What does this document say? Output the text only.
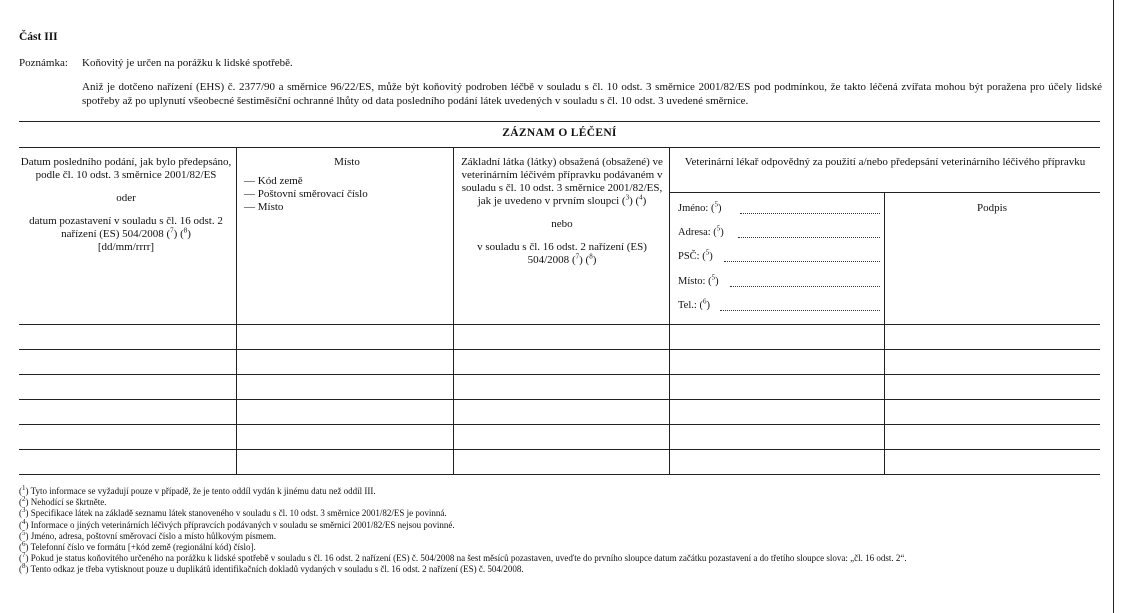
Část III
Poznámka: Koňovitý je určen na porážku k lidské spotřebě.
Aniž je dotčeno nařízení (EHS) č. 2377/90 a směrnice 96/22/ES, může být koňovitý podroben léčbě v souladu s čl. 10 odst. 3 směrnice 2001/82/ES pod podmínkou, že takto léčená zvířata mohou být poražena pro účely lidské spotřeby až po uplynutí všeobecné šestiměsíční ochranné lhůty od data posledního podání látek uvedených v souladu s čl. 10 odst. 3 uvedené směrnice.
ZÁZNAM O LÉČENÍ
Datum posledního podání, jak bylo předepsáno, podle čl. 10 odst. 3 směrnice 2001/82/ES
oder
datum pozastavení v souladu s čl. 16 odst. 2 nařízení (ES) 504/2008 ($^7$) ($^8$)
[dd/mm/rrrr]
Místo
— Kód země
— Poštovní směrovací číslo
— Místo
Základní látka (látky) obsažená (obsažené) ve veterinárním léčivém přípravku podávaném v souladu s čl. 10 odst. 3 směrnice 2001/82/ES, jak je uvedeno v prvním sloupci ($^3$) ($^4$)
nebo
v souladu s čl. 16 odst. 2 nařízení (ES) 504/2008 ($^7$) ($^8$)
Veterinární lékař odpovědný za použití a/nebo předepsání veterinárního léčivého přípravku
Jméno: ($^5$)
Adresa: ($^5$)
PSČ: ($^5$)
Místo: ($^5$)
Tel.: ($^6$)
Podpis
($^1$) Tyto informace se vyžadují pouze v případě, že je tento oddíl vydán k jinému datu než oddíl III.
($^2$) Nehodící se škrtněte.
($^3$) Specifikace látek na základě seznamu látek stanoveného v souladu s čl. 10 odst. 3 směrnice 2001/82/ES je povinná.
($^4$) Informace o jiných veterinárních léčivých přípravcích podávaných v souladu se směrnicí 2001/82/ES nejsou povinné.
($^5$) Jméno, adresa, poštovní směrovací číslo a místo hůlkovým písmem.
($^6$) Telefonní číslo ve formátu [+kód země (regionální kód) číslo].
($^7$) Pokud je status koňovitého určeného na porážku k lidské spotřebě v souladu s čl. 16 odst. 2 nařízení (ES) č. 504/2008 na šest měsíců pozastaven, uveďte do prvního sloupce datum začátku pozastavení a do třetího sloupce slova: „čl. 16 odst. 2“.
($^8$) Tento odkaz je třeba vytisknout pouze u duplikátů identifikačních dokladů vydaných v souladu s čl. 16 odst. 2 nařízení (ES) č. 504/2008.
